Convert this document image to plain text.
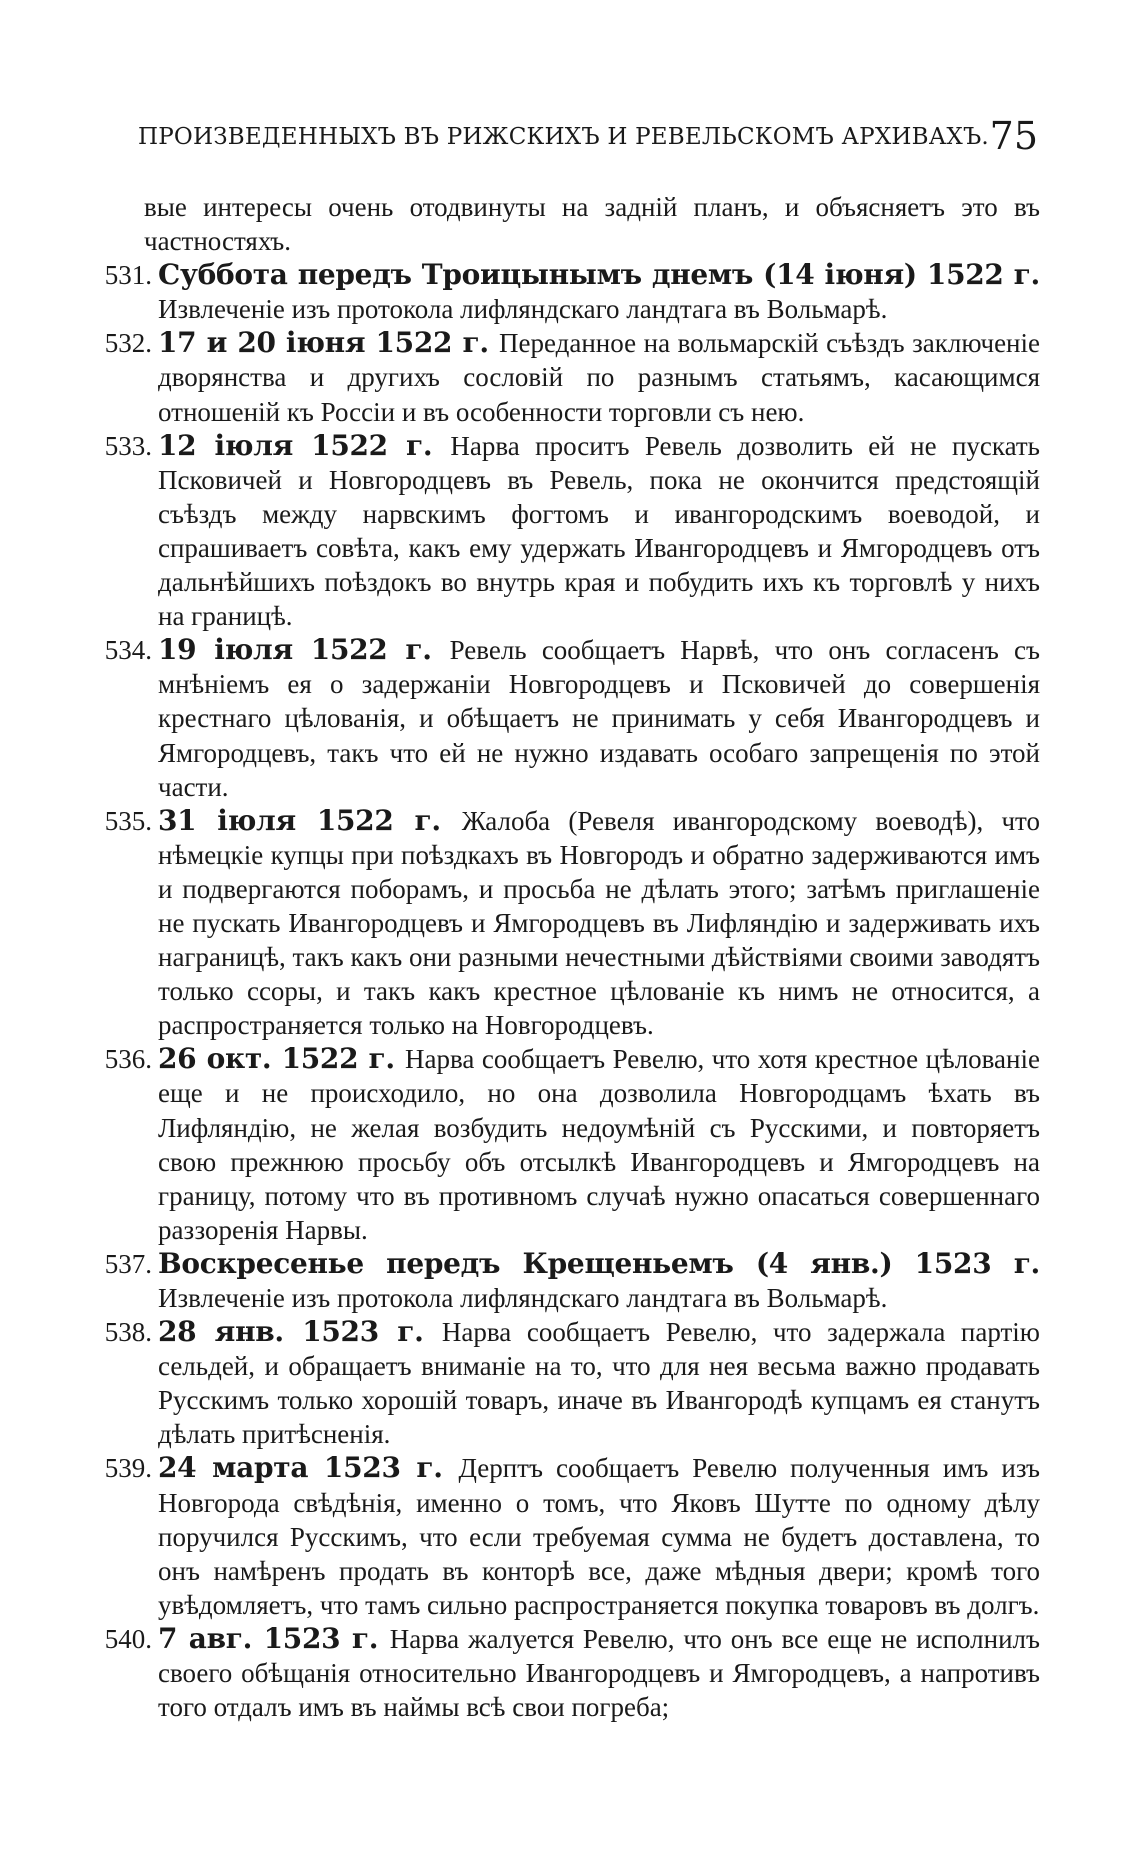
ПРОИЗВЕДЕННЫХЪ ВЪ РИЖСКИХЪ И РЕВЕЛЬСКОМЪ АРХИВАХЪ. 75

вые интересы очень отодвинуты на задній планъ, и объясняетъ это въ частностяхъ.

531. Суббота передъ Троицынымъ днемъ (14 іюня) 1522 г. Извлеченіе изъ протокола лифляндскаго ландтага въ Вольмарѣ.

532. 17 и 20 іюня 1522 г. Переданное на вольмарскій съѣздъ заключеніе дворянства и другихъ сословій по разнымъ статьямъ, касающимся отношеній къ Россіи и въ особенности торговли съ нею.

533. 12 іюля 1522 г. Нарва проситъ Ревель дозволить ей не пускать Псковичей и Новгородцевъ въ Ревель, пока не окончится предстоящій съѣздъ между нарвскимъ фогтомъ и ивангородскимъ воеводой, и спрашиваетъ совѣта, какъ ему удержать Ивангородцевъ и Ямгородцевъ отъ дальнѣйшихъ поѣздокъ во внутрь края и побудить ихъ къ торговлѣ у нихъ на границѣ.

534. 19 іюля 1522 г. Ревель сообщаетъ Нарвѣ, что онъ согласенъ съ мнѣніемъ ея о задержаніи Новгородцевъ и Псковичей до совершенія крестнаго цѣлованія, и обѣщаетъ не принимать у себя Ивангородцевъ и Ямгородцевъ, такъ что ей не нужно издавать особаго запрещенія по этой части.

535. 31 іюля 1522 г. Жалоба (Ревеля ивангородскому воеводѣ), что нѣмецкіе купцы при поѣздкахъ въ Новгородъ и обратно задерживаются имъ и подвергаются поборамъ, и просьба не дѣлать этого; затѣмъ приглашеніе не пускать Ивангородцевъ и Ямгородцевъ въ Лифляндію и задерживать ихъ награницѣ, такъ какъ они разными нечестными дѣйствіями своими заводятъ только ссоры, и такъ какъ крестное цѣлованіе къ нимъ не относится, а распространяется только на Новгородцевъ.

536. 26 окт. 1522 г. Нарва сообщаетъ Ревелю, что хотя крестное цѣлованіе еще и не происходило, но она дозволила Новгородцамъ ѣхать въ Лифляндію, не желая возбудить недоумѣній съ Русскими, и повторяетъ свою прежнюю просьбу объ отсылкѣ Ивангородцевъ и Ямгородцевъ на границу, потому что въ противномъ случаѣ нужно опасаться совершеннаго раззоренія Нарвы.

537. Воскресенье передъ Крещеньемъ (4 янв.) 1523 г. Извлеченіе изъ протокола лифляндскаго ландтага въ Вольмарѣ.

538. 28 янв. 1523 г. Нарва сообщаетъ Ревелю, что задержала партію сельдей, и обращаетъ вниманіе на то, что для нея весьма важно продавать Русскимъ только хорошій товаръ, иначе въ Ивангородѣ купцамъ ея станутъ дѣлать притѣсненія.

539. 24 марта 1523 г. Дерптъ сообщаетъ Ревелю полученныя имъ изъ Новгорода свѣдѣнія, именно о томъ, что Яковъ Шутте по одному дѣлу поручился Русскимъ, что если требуемая сумма не будетъ доставлена, то онъ намѣренъ продать въ конторѣ все, даже мѣдныя двери; кромѣ того увѣдомляетъ, что тамъ сильно распространяется покупка товаровъ въ долгъ.

540. 7 авг. 1523 г. Нарва жалуется Ревелю, что онъ все еще не исполнилъ своего обѣщанія относительно Ивангородцевъ и Ямгородцевъ, а напротивъ того отдалъ имъ въ наймы всѣ свои погреба;
